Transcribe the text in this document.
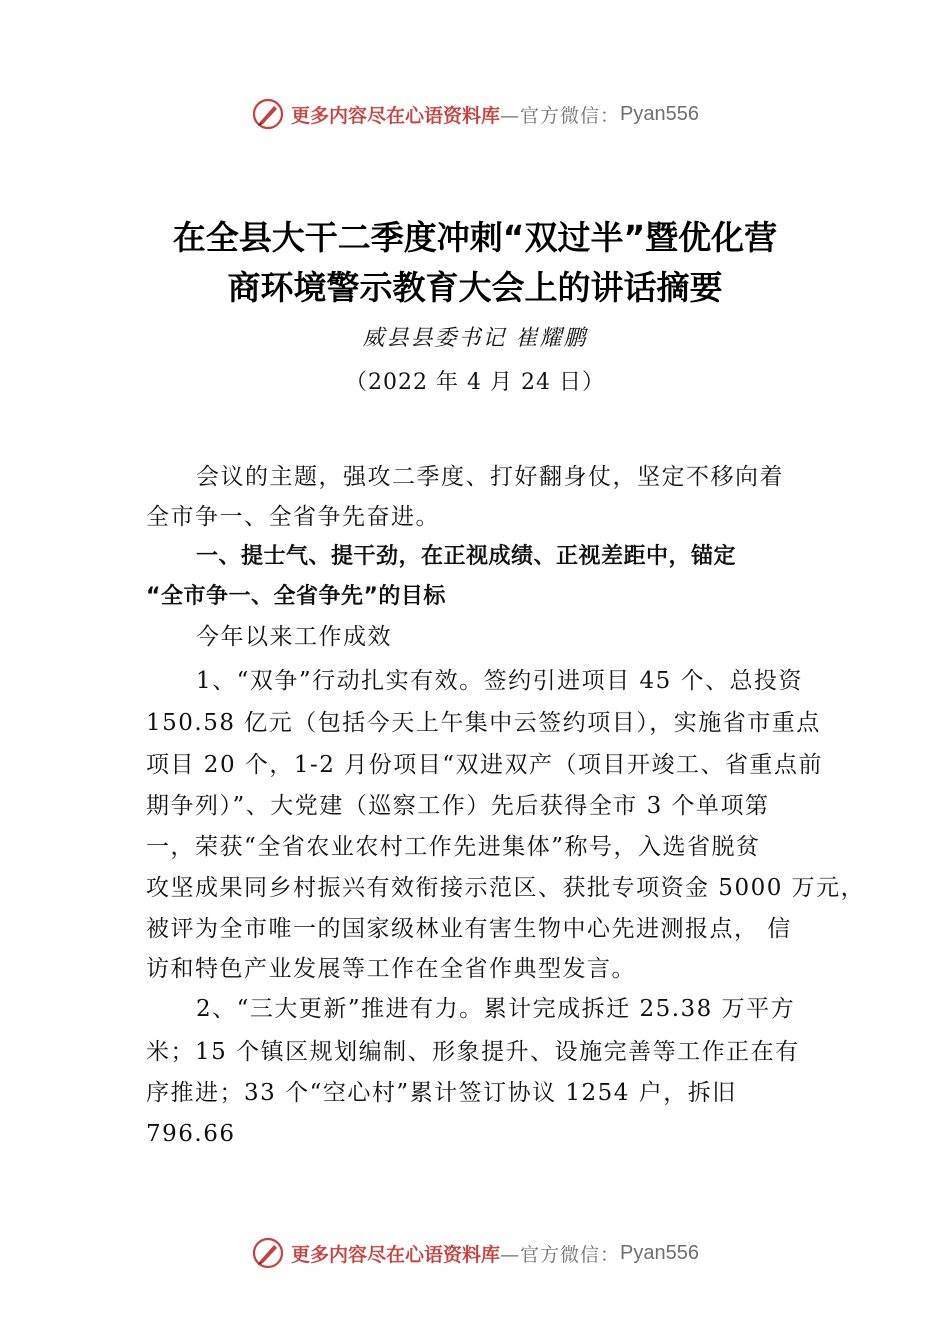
更多内容尽在心语资料库 —官方微信： Pyan556
在全县大干二季度冲刺“双过半”暨优化营
商环境警示教育大会上的讲话摘要
威县县委书记 崔耀鹏
（2022 年 4 月 24 日）
会议的主题，强攻二季度、打好翻身仗，坚定不移向着
全市争一、全省争先奋进。
一、提士气、提干劲，在正视成绩、正视差距中，锚定
“全市争一、全省争先”的目标
今年以来工作成效
1、“双争”行动扎实有效。签约引进项目 45 个、总投资
150.58 亿元（包括今天上午集中云签约项目），实施省市重点
项目 20 个，1-2 月份项目“双进双产（项目开竣工、省重点前
期争列）”、大党建（巡察工作）先后获得全市 3 个单项第
一，荣获“全省农业农村工作先进集体”称号，入选省脱贫
攻坚成果同乡村振兴有效衔接示范区、获批专项资金 5000 万元，
被评为全市唯一的国家级林业有害生物中心先进测报点， 信
访和特色产业发展等工作在全省作典型发言。
2、“三大更新”推进有力。累计完成拆迁 25.38 万平方
米；15 个镇区规划编制、形象提升、设施完善等工作正在有
序推进；33 个“空心村”累计签订协议 1254 户，拆旧
796.66
更多内容尽在心语资料库 —官方微信： Pyan556
